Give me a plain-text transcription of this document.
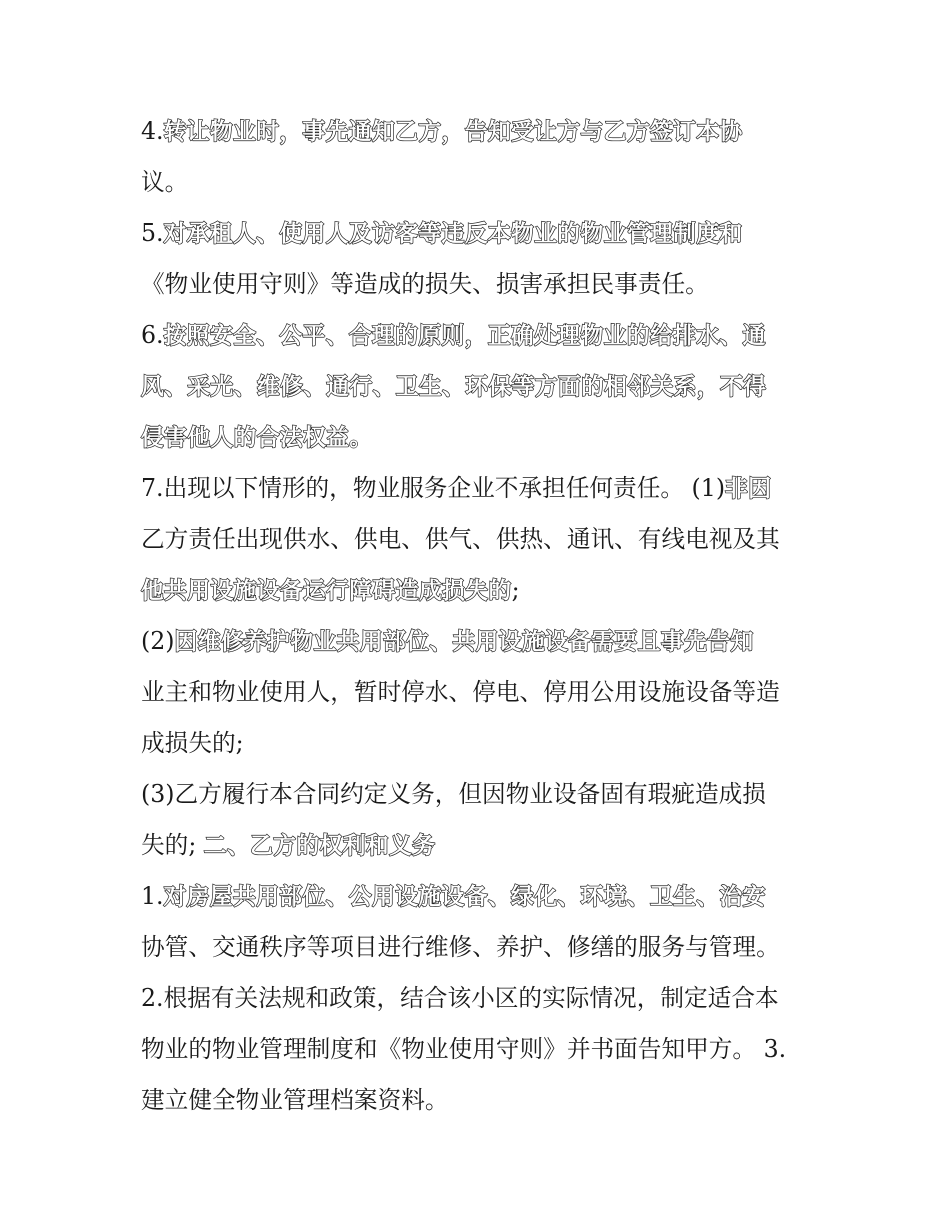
4.转让物业时，事先通知乙方，告知受让方与乙方签订本协
议。
5.对承租人、使用人及访客等违反本物业的物业管理制度和
《物业使用守则》等造成的损失、损害承担民事责任。
6.按照安全、公平、合理的原则，正确处理物业的给排水、通
风、采光、维修、通行、卫生、环保等方面的相邻关系，不得
侵害他人的合法权益。
7.出现以下情形的，物业服务企业不承担任何责任。 (1)非因
乙方责任出现供水、供电、供气、供热、通讯、有线电视及其
他共用设施设备运行障碍造成损失的;
(2)因维修养护物业共用部位、共用设施设备需要且事先告知
业主和物业使用人，暂时停水、停电、停用公用设施设备等造
成损失的;
(3)乙方履行本合同约定义务，但因物业设备固有瑕疵造成损
失的; 二、乙方的权利和义务
1.对房屋共用部位、公用设施设备、绿化、环境、卫生、治安
协管、交通秩序等项目进行维修、养护、修缮的服务与管理。
2.根据有关法规和政策，结合该小区的实际情况，制定适合本
物业的物业管理制度和《物业使用守则》并书面告知甲方。 3.
建立健全物业管理档案资料。
